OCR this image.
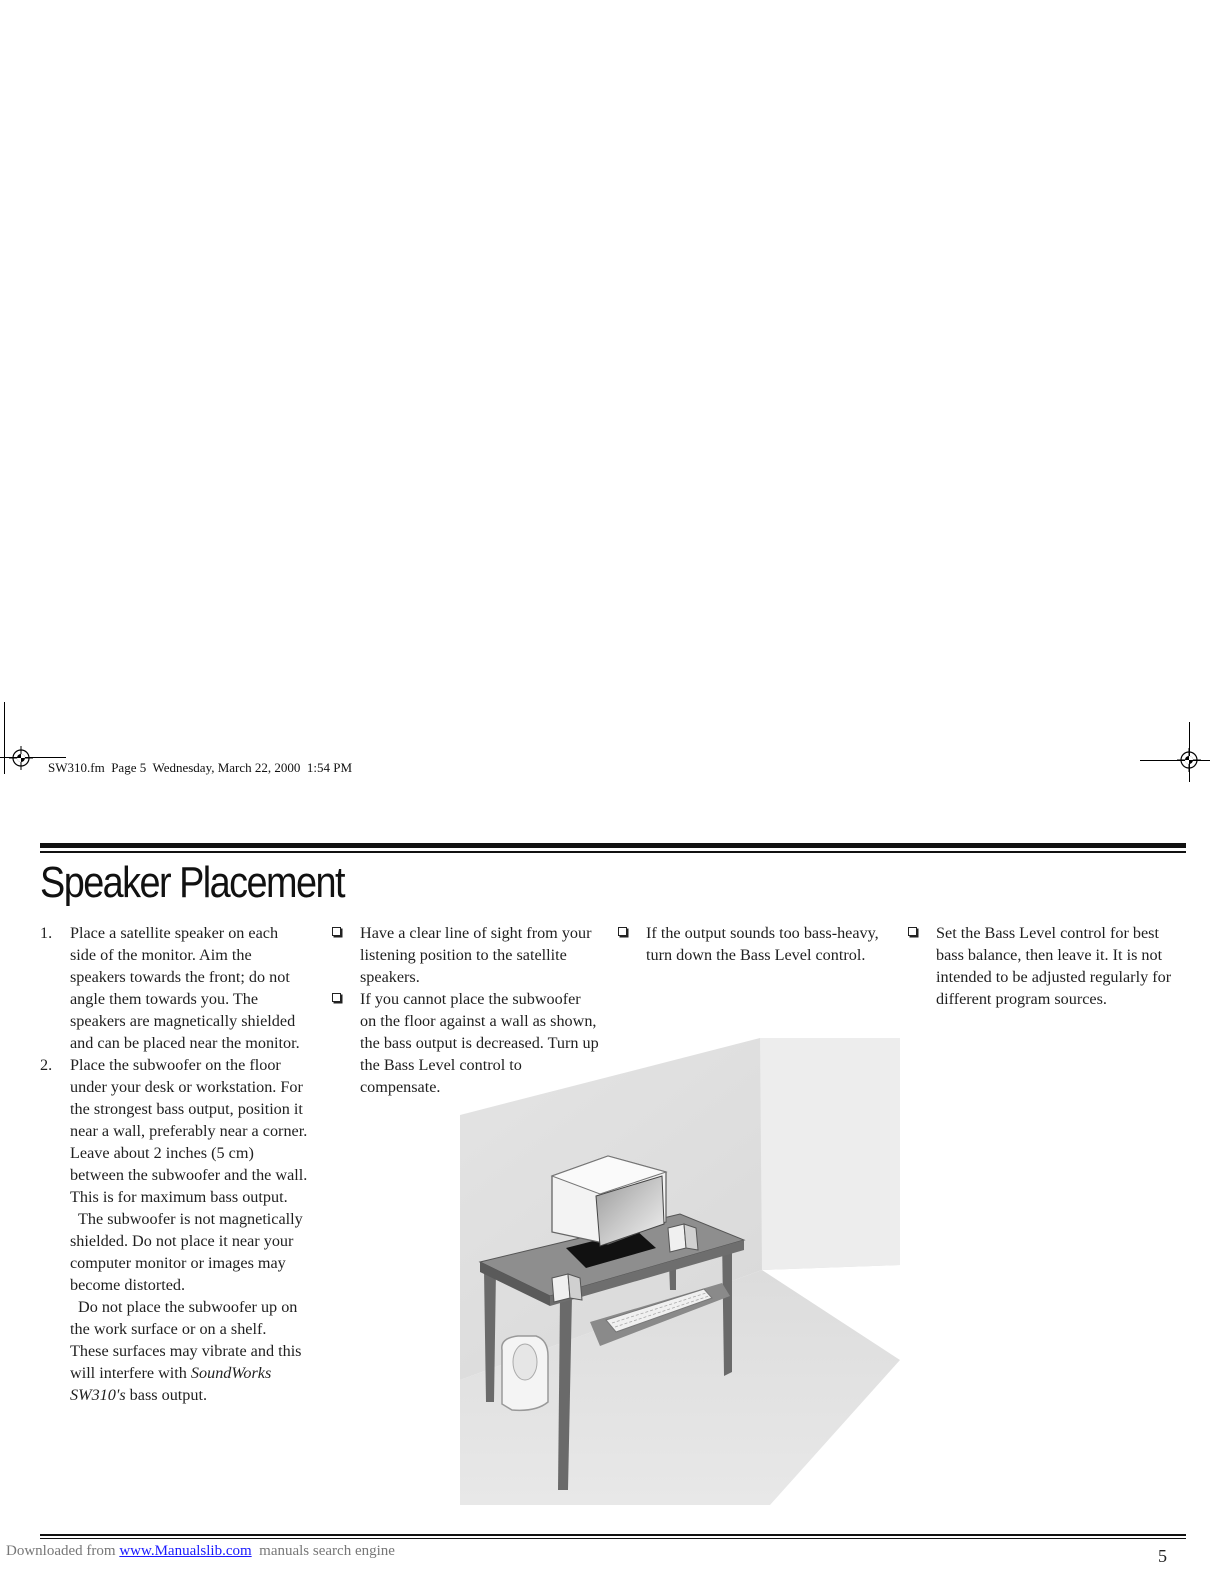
SW310.fm  Page 5  Wednesday, March 22, 2000  1:54 PM
Speaker Placement

1. Place a satellite speaker on each side of the monitor. Aim the speakers towards the front; do not angle them towards you. The speakers are magnetically shielded and can be placed near the monitor.

2. Place the subwoofer on the floor under your desk or workstation. For the strongest bass output, position it near a wall, preferably near a corner. Leave about 2 inches (5 cm) between the subwoofer and the wall. This is for maximum bass output.

The subwoofer is not magnetically shielded. Do not place it near your computer monitor or images may become distorted.

Do not place the subwoofer up on the work surface or on a shelf. These surfaces may vibrate and this will interfere with SoundWorks SW310's bass output.

Have a clear line of sight from your listening position to the satellite speakers.

If you cannot place the subwoofer on the floor against a wall as shown, the bass output is decreased. Turn up the Bass Level control to compensate.

If the output sounds too bass-heavy, turn down the Bass Level control.

Set the Bass Level control for best bass balance, then leave it. It is not intended to be adjusted regularly for different program sources.

Downloaded from www.Manualslib.com  manuals search engine	5
